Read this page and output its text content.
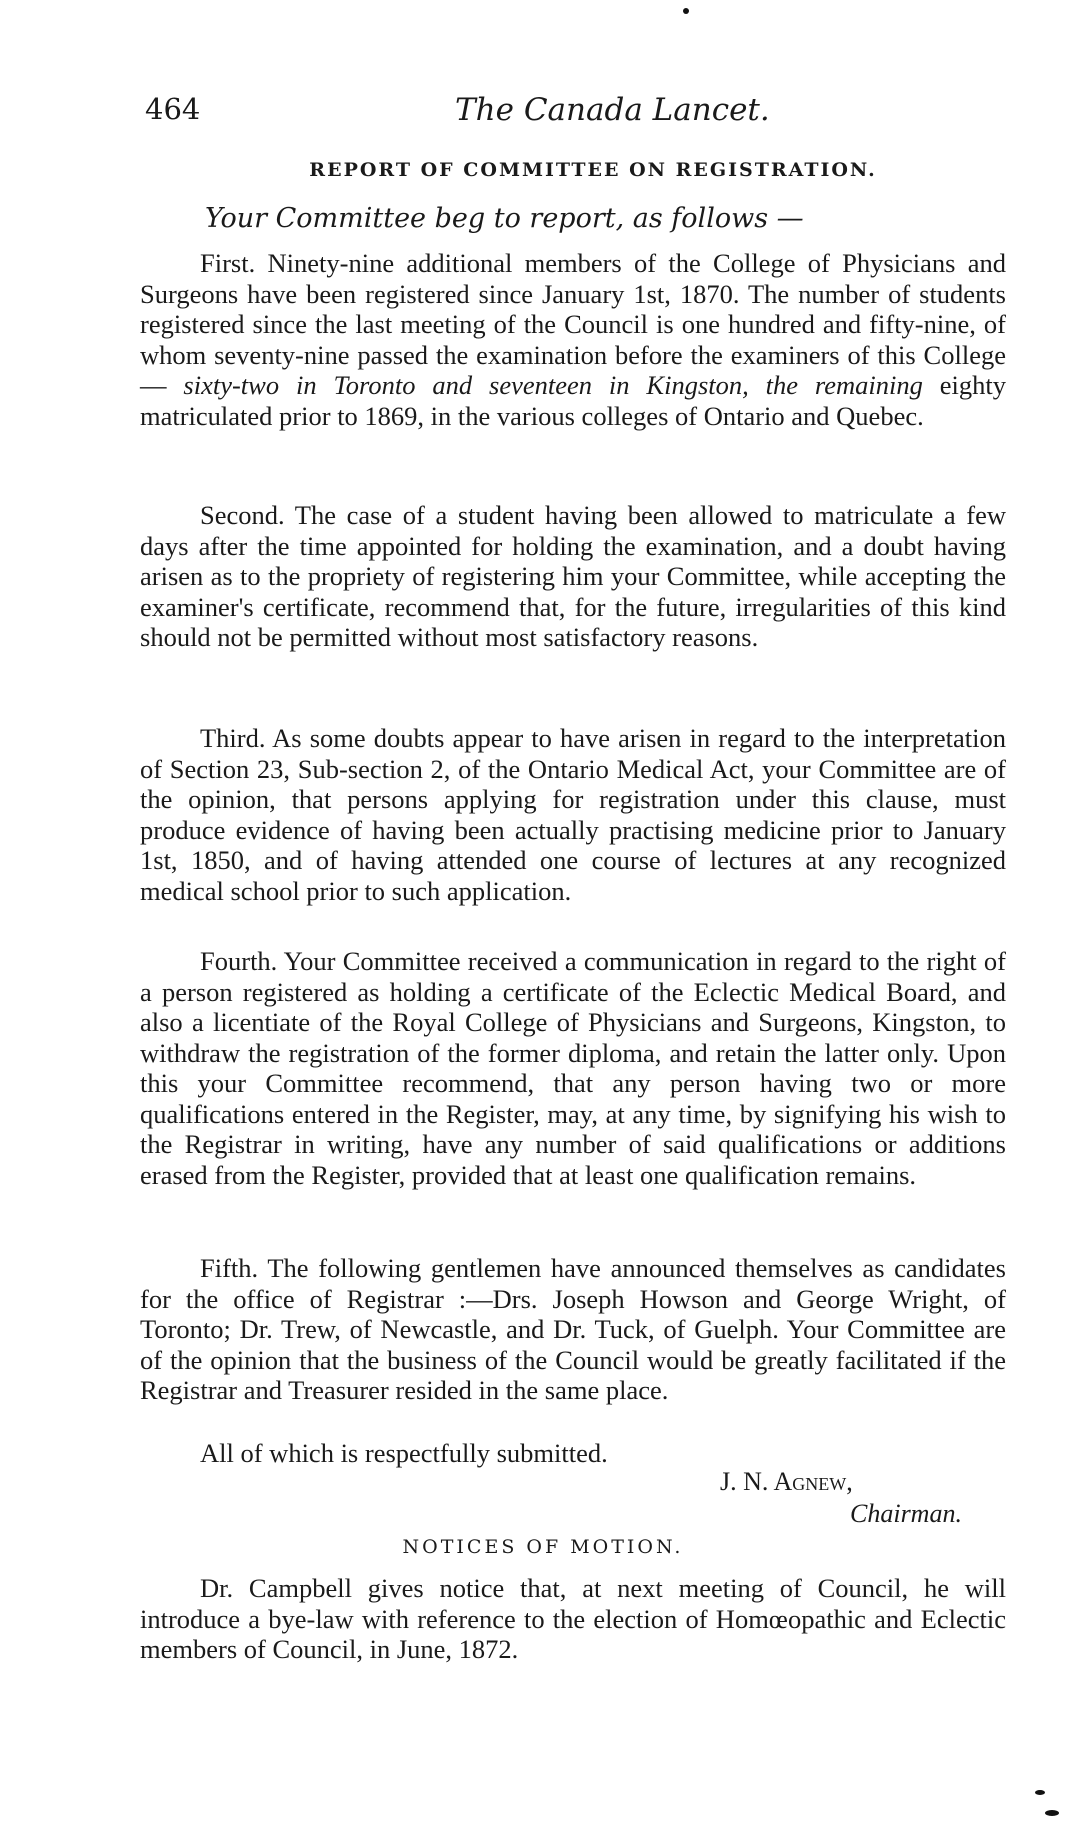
464	The Canada Lancet.
REPORT OF COMMITTEE ON REGISTRATION.
Your Committee beg to report, as follows —

First. Ninety-nine additional members of the College of Physicians and Surgeons have been registered since January 1st, 1870. The number of students registered since the last meeting of the Council is one hundred and fifty-nine, of whom seventy-nine passed the examination before the examiners of this College— sixty-two in Toronto and seventeen in Kingston, the remaining eighty matriculated prior to 1869, in the various colleges of Ontario and Quebec.

Second. The case of a student having been allowed to matriculate a few days after the time appointed for holding the examination, and a doubt having arisen as to the propriety of registering him your Committee, while accepting the examiner's certificate, recommend that, for the future, irregularities of this kind should not be permitted without most satisfactory reasons.

Third. As some doubts appear to have arisen in regard to the interpretation of Section 23, Sub-section 2, of the Ontario Medical Act, your Committee are of the opinion, that persons applying for registration under this clause, must produce evidence of having been actually practising medicine prior to January 1st, 1850, and of having attended one course of lectures at any recognized medical school prior to such application.

Fourth. Your Committee received a communication in regard to the right of a person registered as holding a certificate of the Eclectic Medical Board, and also a licentiate of the Royal College of Physicians and Surgeons, Kingston, to withdraw the registration of the former diploma, and retain the latter only. Upon this your Committee recommend, that any person having two or more qualifications entered in the Register, may, at any time, by signifying his wish to the Registrar in writing, have any number of said qualifications or additions erased from the Register, provided that at least one qualification remains.

Fifth. The following gentlemen have announced themselves as candidates for the office of Registrar :—Drs. Joseph Howson and George Wright, of Toronto; Dr. Trew, of Newcastle, and Dr. Tuck, of Guelph. Your Committee are of the opinion that the business of the Council would be greatly facilitated if the Registrar and Treasurer resided in the same place.

All of which is respectfully submitted.

J. N. Agnew,
Chairman.
NOTICES OF MOTION.

Dr. Campbell gives notice that, at next meeting of Council, he will introduce a bye-law with reference to the election of Homœopathic and Eclectic members of Council, in June, 1872.
